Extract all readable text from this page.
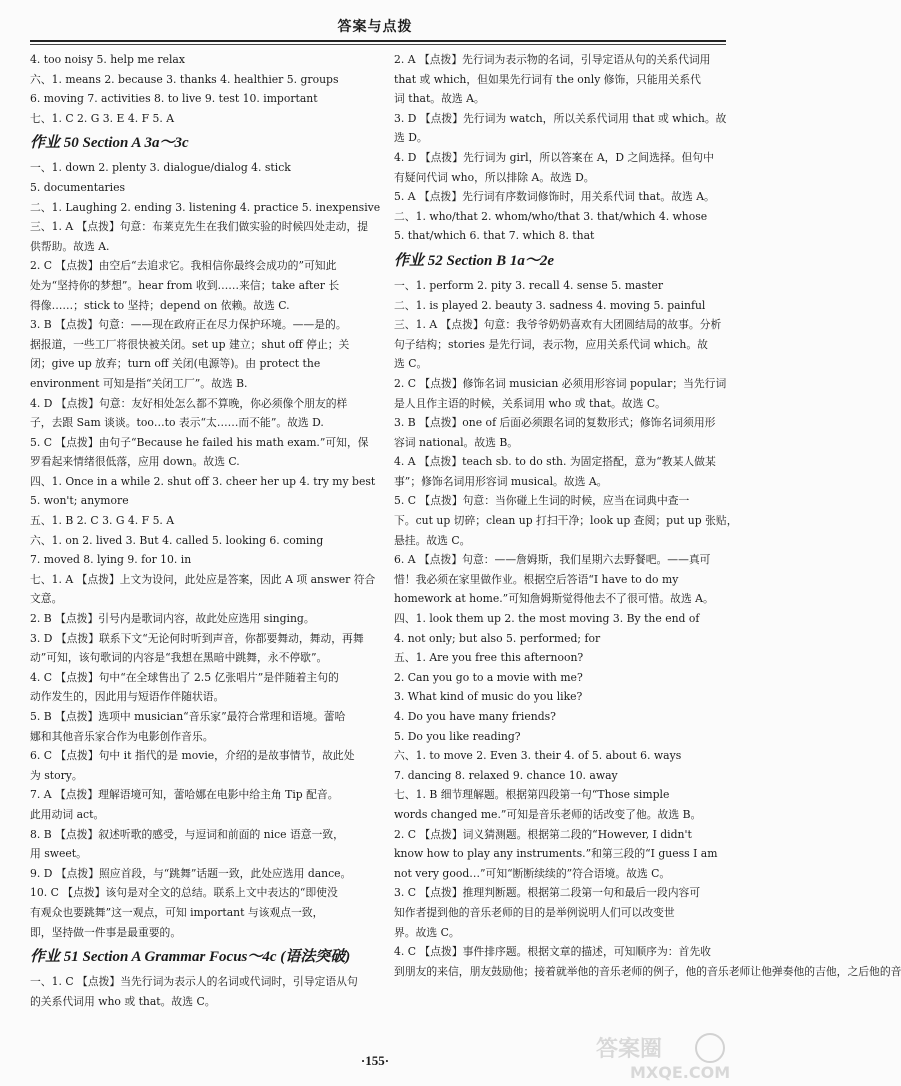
答案与点拨
4. too noisy 5. help me relax
六、1. means 2. because 3. thanks 4. healthier 5. groups
6. moving 7. activities 8. to live 9. test 10. important
七、1. C 2. G 3. E 4. F 5. A
作业 50 Section A 3a～3c
一、1. down 2. plenty 3. dialogue/dialog 4. stick
5. documentaries
二、1. Laughing 2. ending 3. listening 4. practice 5. inexpensive
三、1. A 【点拨】句意：布莱克先生在我们做实验的时候四处走动，提
供帮助。故选 A.
2. C 【点拨】由空后“去追求它。我相信你最终会成功的”可知此
处为“坚持你的梦想”。hear from 收到……来信；take after 长
得像……；stick to 坚持；depend on 依赖。故选 C.
3. B 【点拨】句意：——现在政府正在尽力保护环境。——是的。
据报道，一些工厂将很快被关闭。set up 建立；shut off 停止；关
闭；give up 放弃；turn off 关闭(电源等)。由 protect the
environment 可知是指“关闭工厂”。故选 B.
4. D 【点拨】句意：友好相处怎么都不算晚，你必须像个朋友的样
子，去跟 Sam 谈谈。too…to 表示“太……而不能”。故选 D.
5. C 【点拨】由句子“Because he failed his math exam.”可知，保
罗看起来情绪很低落，应用 down。故选 C.
四、1. Once in a while 2. shut off 3. cheer her up 4. try my best
5. won't; anymore
五、1. B 2. C 3. G 4. F 5. A
六、1. on 2. lived 3. But 4. called 5. looking 6. coming
7. moved 8. lying 9. for 10. in
七、1. A 【点拨】上文为设问，此处应是答案，因此 A 项 answer 符合
文意。
2. B 【点拨】引号内是歌词内容，故此处应选用 singing。
3. D 【点拨】联系下文“无论何时听到声音，你都要舞动，舞动，再舞
动”可知，该句歌词的内容是“我想在黑暗中跳舞，永不停歇”。
4. C 【点拨】句中“在全球售出了 2.5 亿张唱片”是伴随着主句的
动作发生的，因此用与短语作伴随状语。
5. B 【点拨】选项中 musician“音乐家”最符合常理和语境。蕾哈
娜和其他音乐家合作为电影创作音乐。
6. C 【点拨】句中 it 指代的是 movie，介绍的是故事情节，故此处
为 story。
7. A 【点拨】理解语境可知，蕾哈娜在电影中给主角 Tip 配音。
此用动词 act。
8. B 【点拨】叙述听歌的感受，与逗词和前面的 nice 语意一致，
用 sweet。
9. D 【点拨】照应首段，与“跳舞”话题一致，此处应选用 dance。
10. C 【点拨】该句是对全文的总结。联系上文中表达的“即使没
有观众也要跳舞”这一观点，可知 important 与该观点一致，
即，坚持做一件事是最重要的。
作业 51 Section A Grammar Focus～4c (语法突破)
一、1. C 【点拨】当先行词为表示人的名词或代词时，引导定语从句
的关系代词用 who 或 that。故选 C。
2. A 【点拨】先行词为表示物的名词，引导定语从句的关系代词用
that 或 which，但如果先行词有 the only 修饰，只能用关系代
词 that。故选 A。
3. D 【点拨】先行词为 watch，所以关系代词用 that 或 which。故
选 D。
4. D 【点拨】先行词为 girl，所以答案在 A，D 之间选择。但句中
有疑问代词 who，所以排除 A。故选 D。
5. A 【点拨】先行词有序数词修饰时，用关系代词 that。故选 A。
二、1. who/that 2. whom/who/that 3. that/which 4. whose
5. that/which 6. that 7. which 8. that
作业 52 Section B 1a～2e
一、1. perform 2. pity 3. recall 4. sense 5. master
二、1. is played 2. beauty 3. sadness 4. moving 5. painful
三、1. A 【点拨】句意：我爷爷奶奶喜欢有大团圆结局的故事。分析
句子结构；stories 是先行词，表示物，应用关系代词 which。故
选 C。
2. C 【点拨】修饰名词 musician 必须用形容词 popular；当先行词
是人且作主语的时候，关系词用 who 或 that。故选 C。
3. B 【点拨】one of 后面必须跟名词的复数形式；修饰名词须用形
容词 national。故选 B。
4. A 【点拨】teach sb. to do sth. 为固定搭配，意为“教某人做某
事”；修饰名词用形容词 musical。故选 A。
5. C 【点拨】句意：当你碰上生词的时候，应当在词典中查一
下。cut up 切碎；clean up 打扫干净；look up 查阅；put up 张贴，
悬挂。故选 C。
6. A 【点拨】句意：——詹姆斯，我们星期六去野餐吧。——真可
惜！我必须在家里做作业。根据空后答语“I have to do my
homework at home.”可知詹姆斯觉得他去不了很可惜。故选 A。
四、1. look them up 2. the most moving 3. By the end of
4. not only; but also 5. performed; for
五、1. Are you free this afternoon?
2. Can you go to a movie with me?
3. What kind of music do you like?
4. Do you have many friends?
5. Do you like reading?
六、1. to move 2. Even 3. their 4. of 5. about 6. ways
7. dancing 8. relaxed 9. chance 10. away
七、1. B 细节理解题。根据第四段第一句“Those simple
words changed me.”可知是音乐老师的话改变了他。故选 B。
2. C 【点拨】词义猜测题。根据第二段的“However, I didn't
know how to play any instruments.”和第三段的“I guess I am
not very good…”可知“断断续续的”符合语境。故选 C。
3. C 【点拨】推理判断题。根据第二段第一句和最后一段内容可
知作者提到他的音乐老师的目的是举例说明人们可以改变世
界。故选 C。
4. C 【点拨】事件排序题。根据文章的描述，可知顺序为：首先收
到朋友的来信，朋友鼓励他；接着就举他的音乐老师的例子，他的音乐老师让他弹奏他的吉他，之后他的音
·155·	答案圈
MXQE.COM
